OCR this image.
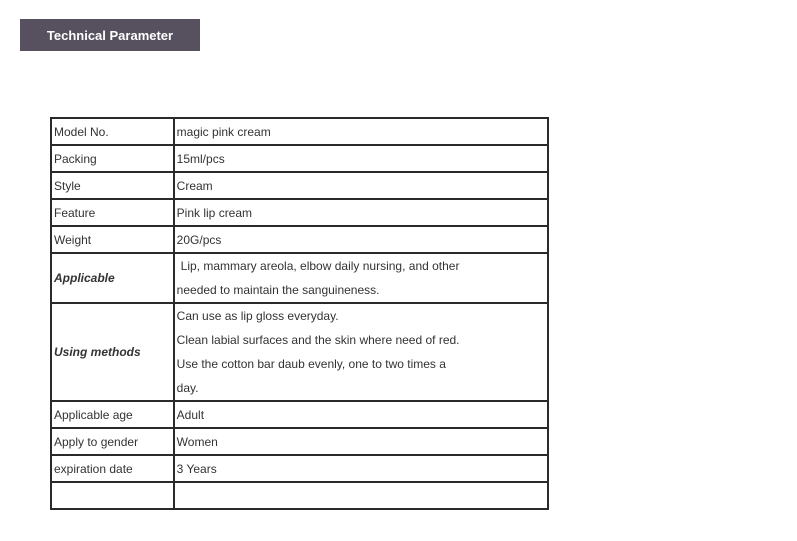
Technical Parameter
Model No.	magic pink cream
Packing	15ml/pcs
Style	Cream
Feature	Pink lip cream
Weight	20G/pcs
Applicable	Lip, mammary areola, elbow daily nursing, and other
needed to maintain the sanguineness.

Using methods	Can use as lip gloss everyday.
Clean labial surfaces and the skin where need of red.
Use the cotton bar daub evenly, one to two times a
day.

Applicable age	Adult
Apply to gender	Women
expiration date	3 Years
